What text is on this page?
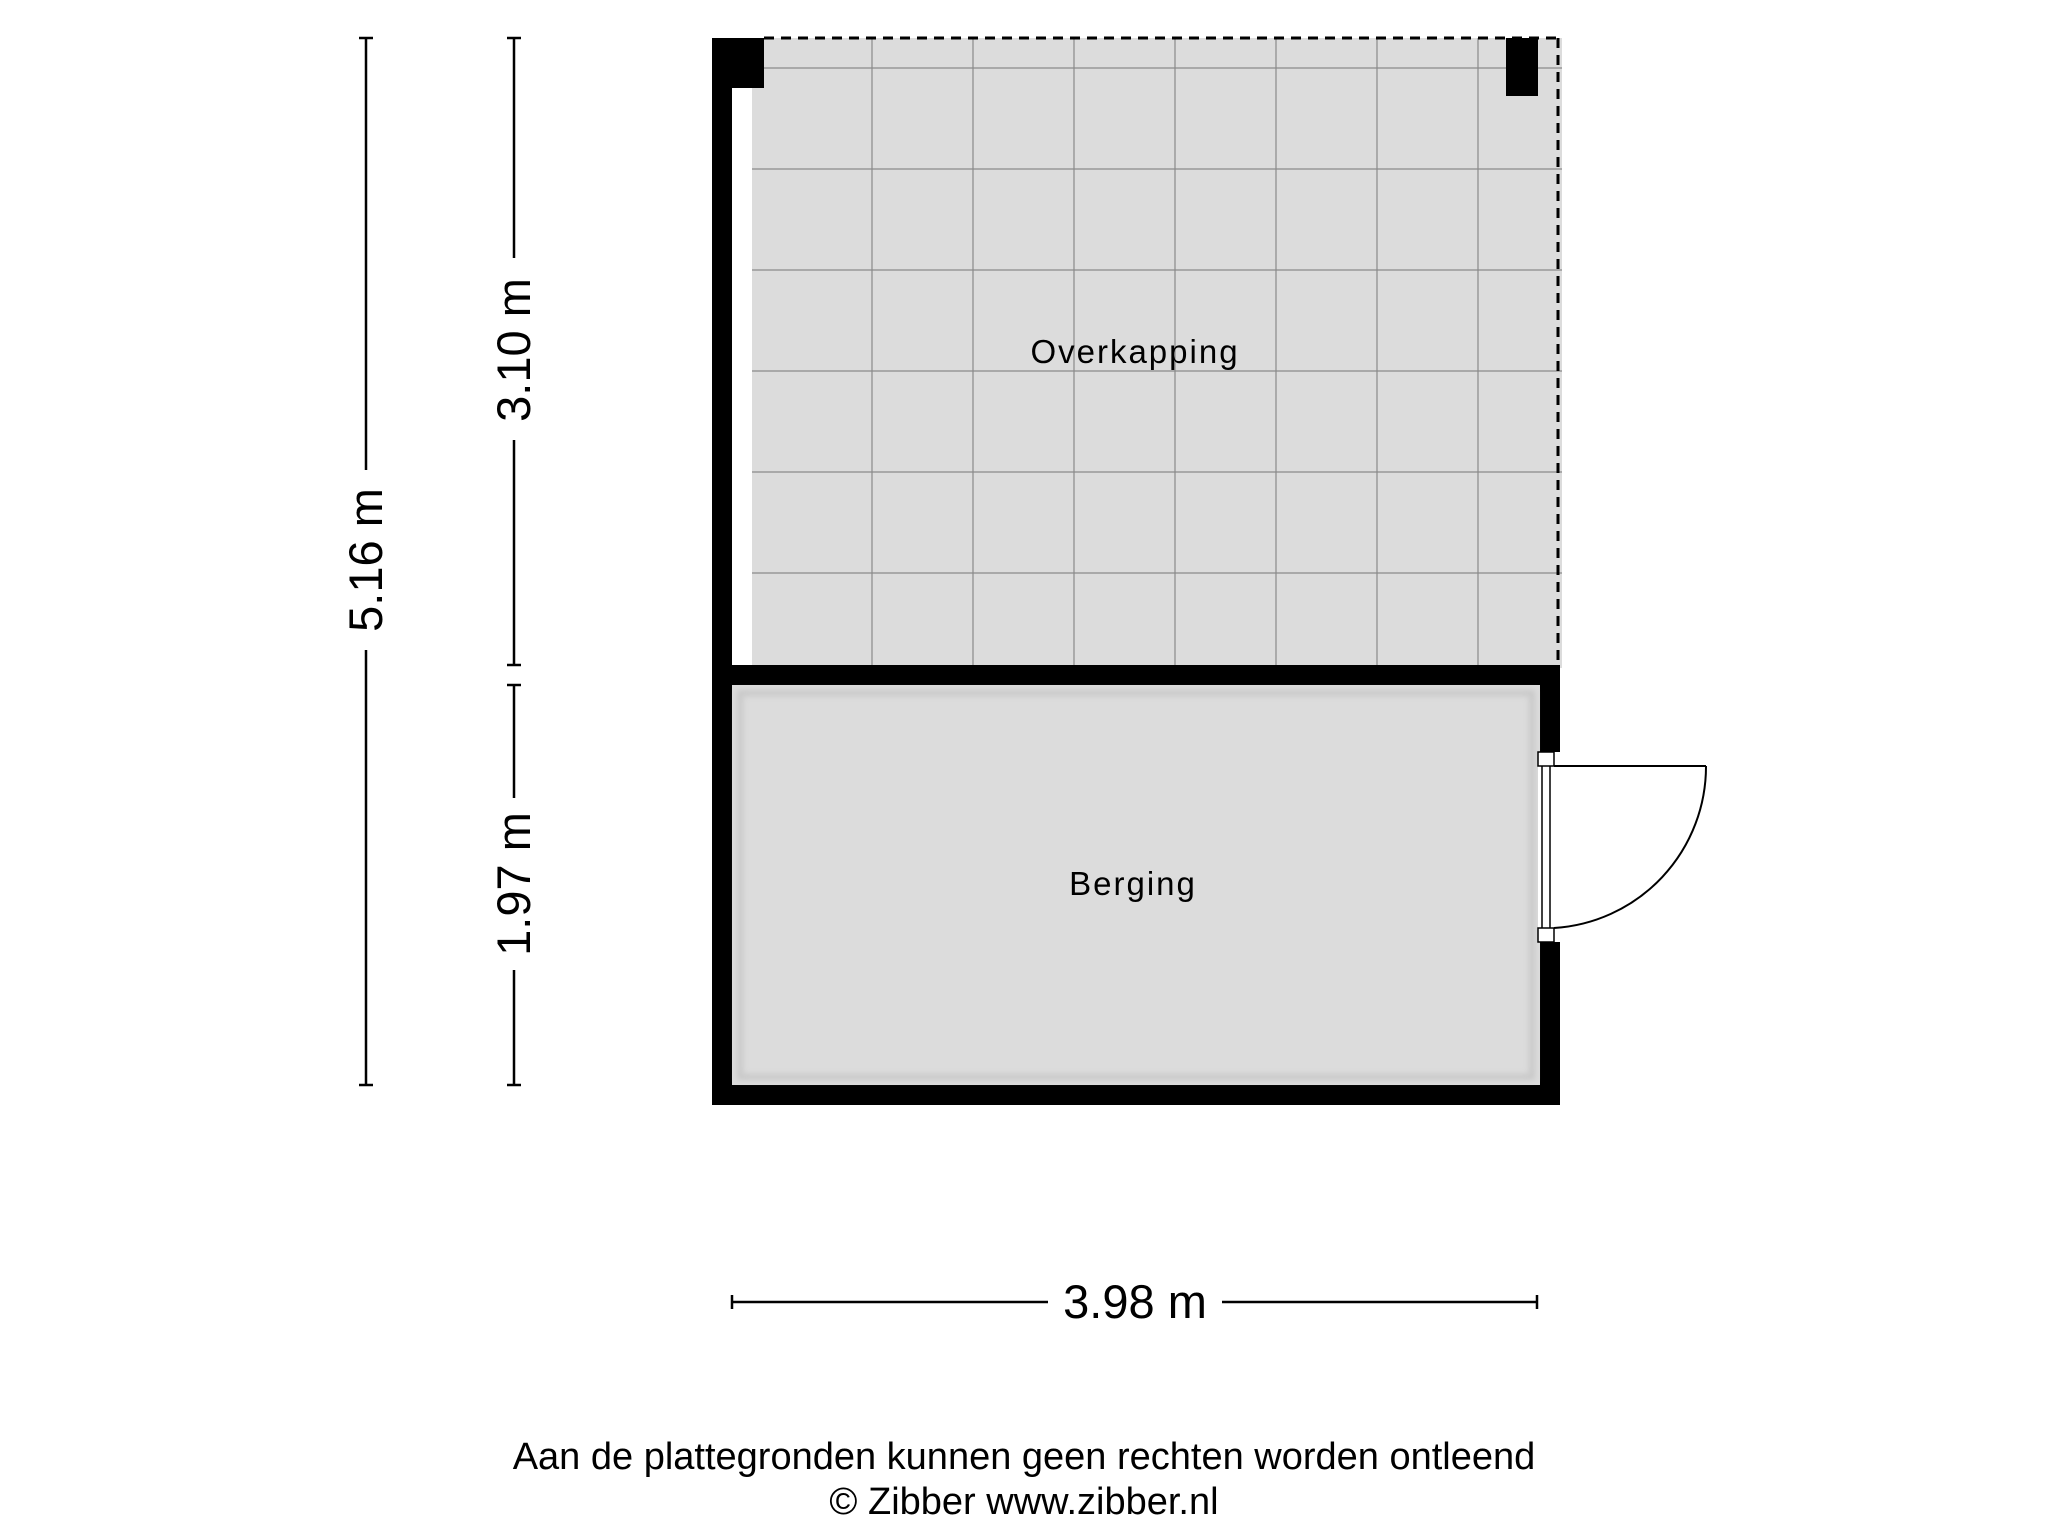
Overkapping
Berging
5.16 m
3.10 m
1.97 m
3.98 m
Aan de plattegronden kunnen geen rechten worden ontleend
© Zibber www.zibber.nl
